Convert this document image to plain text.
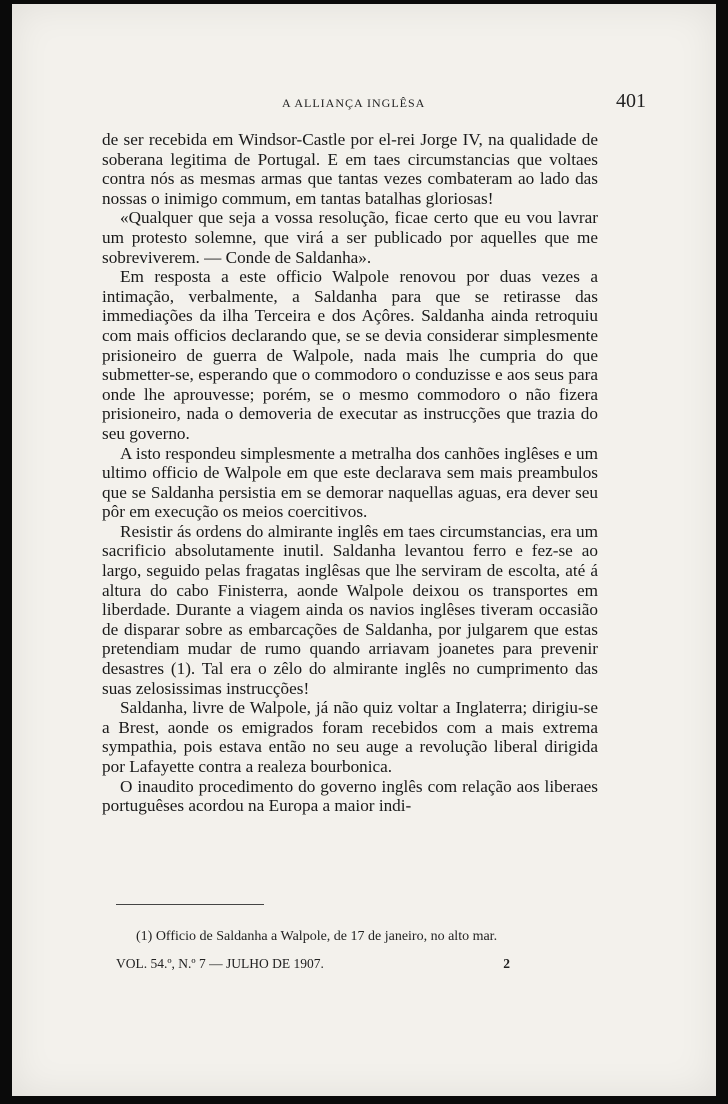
A ALLIANÇA INGLÊSA	401

de ser recebida em Windsor-Castle por el-rei Jorge IV, na qualidade de soberana legitima de Portugal. E em taes circumstancias que voltaes contra nós as mesmas armas que tantas vezes combateram ao lado das nossas o inimigo commum, em tantas batalhas gloriosas!

«Qualquer que seja a vossa resolução, ficae certo que eu vou lavrar um protesto solemne, que virá a ser publicado por aquelles que me sobreviverem. — Conde de Saldanha».

Em resposta a este officio Walpole renovou por duas vezes a intimação, verbalmente, a Saldanha para que se retirasse das immediações da ilha Terceira e dos Açôres. Saldanha ainda retroquiu com mais officios declarando que, se se devia considerar simplesmente prisioneiro de guerra de Walpole, nada mais lhe cumpria do que submetter-se, esperando que o commodoro o conduzisse e aos seus para onde lhe aprouvesse; porém, se o mesmo commodoro o não fizera prisioneiro, nada o demoveria de executar as instrucções que trazia do seu governo.

A isto respondeu simplesmente a metralha dos canhões inglêses e um ultimo officio de Walpole em que este declarava sem mais preambulos que se Saldanha persistia em se demorar naquellas aguas, era dever seu pôr em execução os meios coercitivos.

Resistir ás ordens do almirante inglês em taes circumstancias, era um sacrificio absolutamente inutil. Saldanha levantou ferro e fez-se ao largo, seguido pelas fragatas inglêsas que lhe serviram de escolta, até á altura do cabo Finisterra, aonde Walpole deixou os transportes em liberdade. Durante a viagem ainda os navios inglêses tiveram occasião de disparar sobre as embarcações de Saldanha, por julgarem que estas pretendiam mudar de rumo quando arriavam joanetes para prevenir desastres (1). Tal era o zêlo do almirante inglês no cumprimento das suas zelosissimas instrucções!

Saldanha, livre de Walpole, já não quiz voltar a Inglaterra; dirigiu-se a Brest, aonde os emigrados foram recebidos com a mais extrema sympathia, pois estava então no seu auge a revolução liberal dirigida por Lafayette contra a realeza bourbonica.

O inaudito procedimento do governo inglês com relação aos liberaes portuguêses acordou na Europa a maior indi-

(1) Officio de Saldanha a Walpole, de 17 de janeiro, no alto mar.
VOL. 54.º, N.º 7 — JULHO DE 1907.	2
